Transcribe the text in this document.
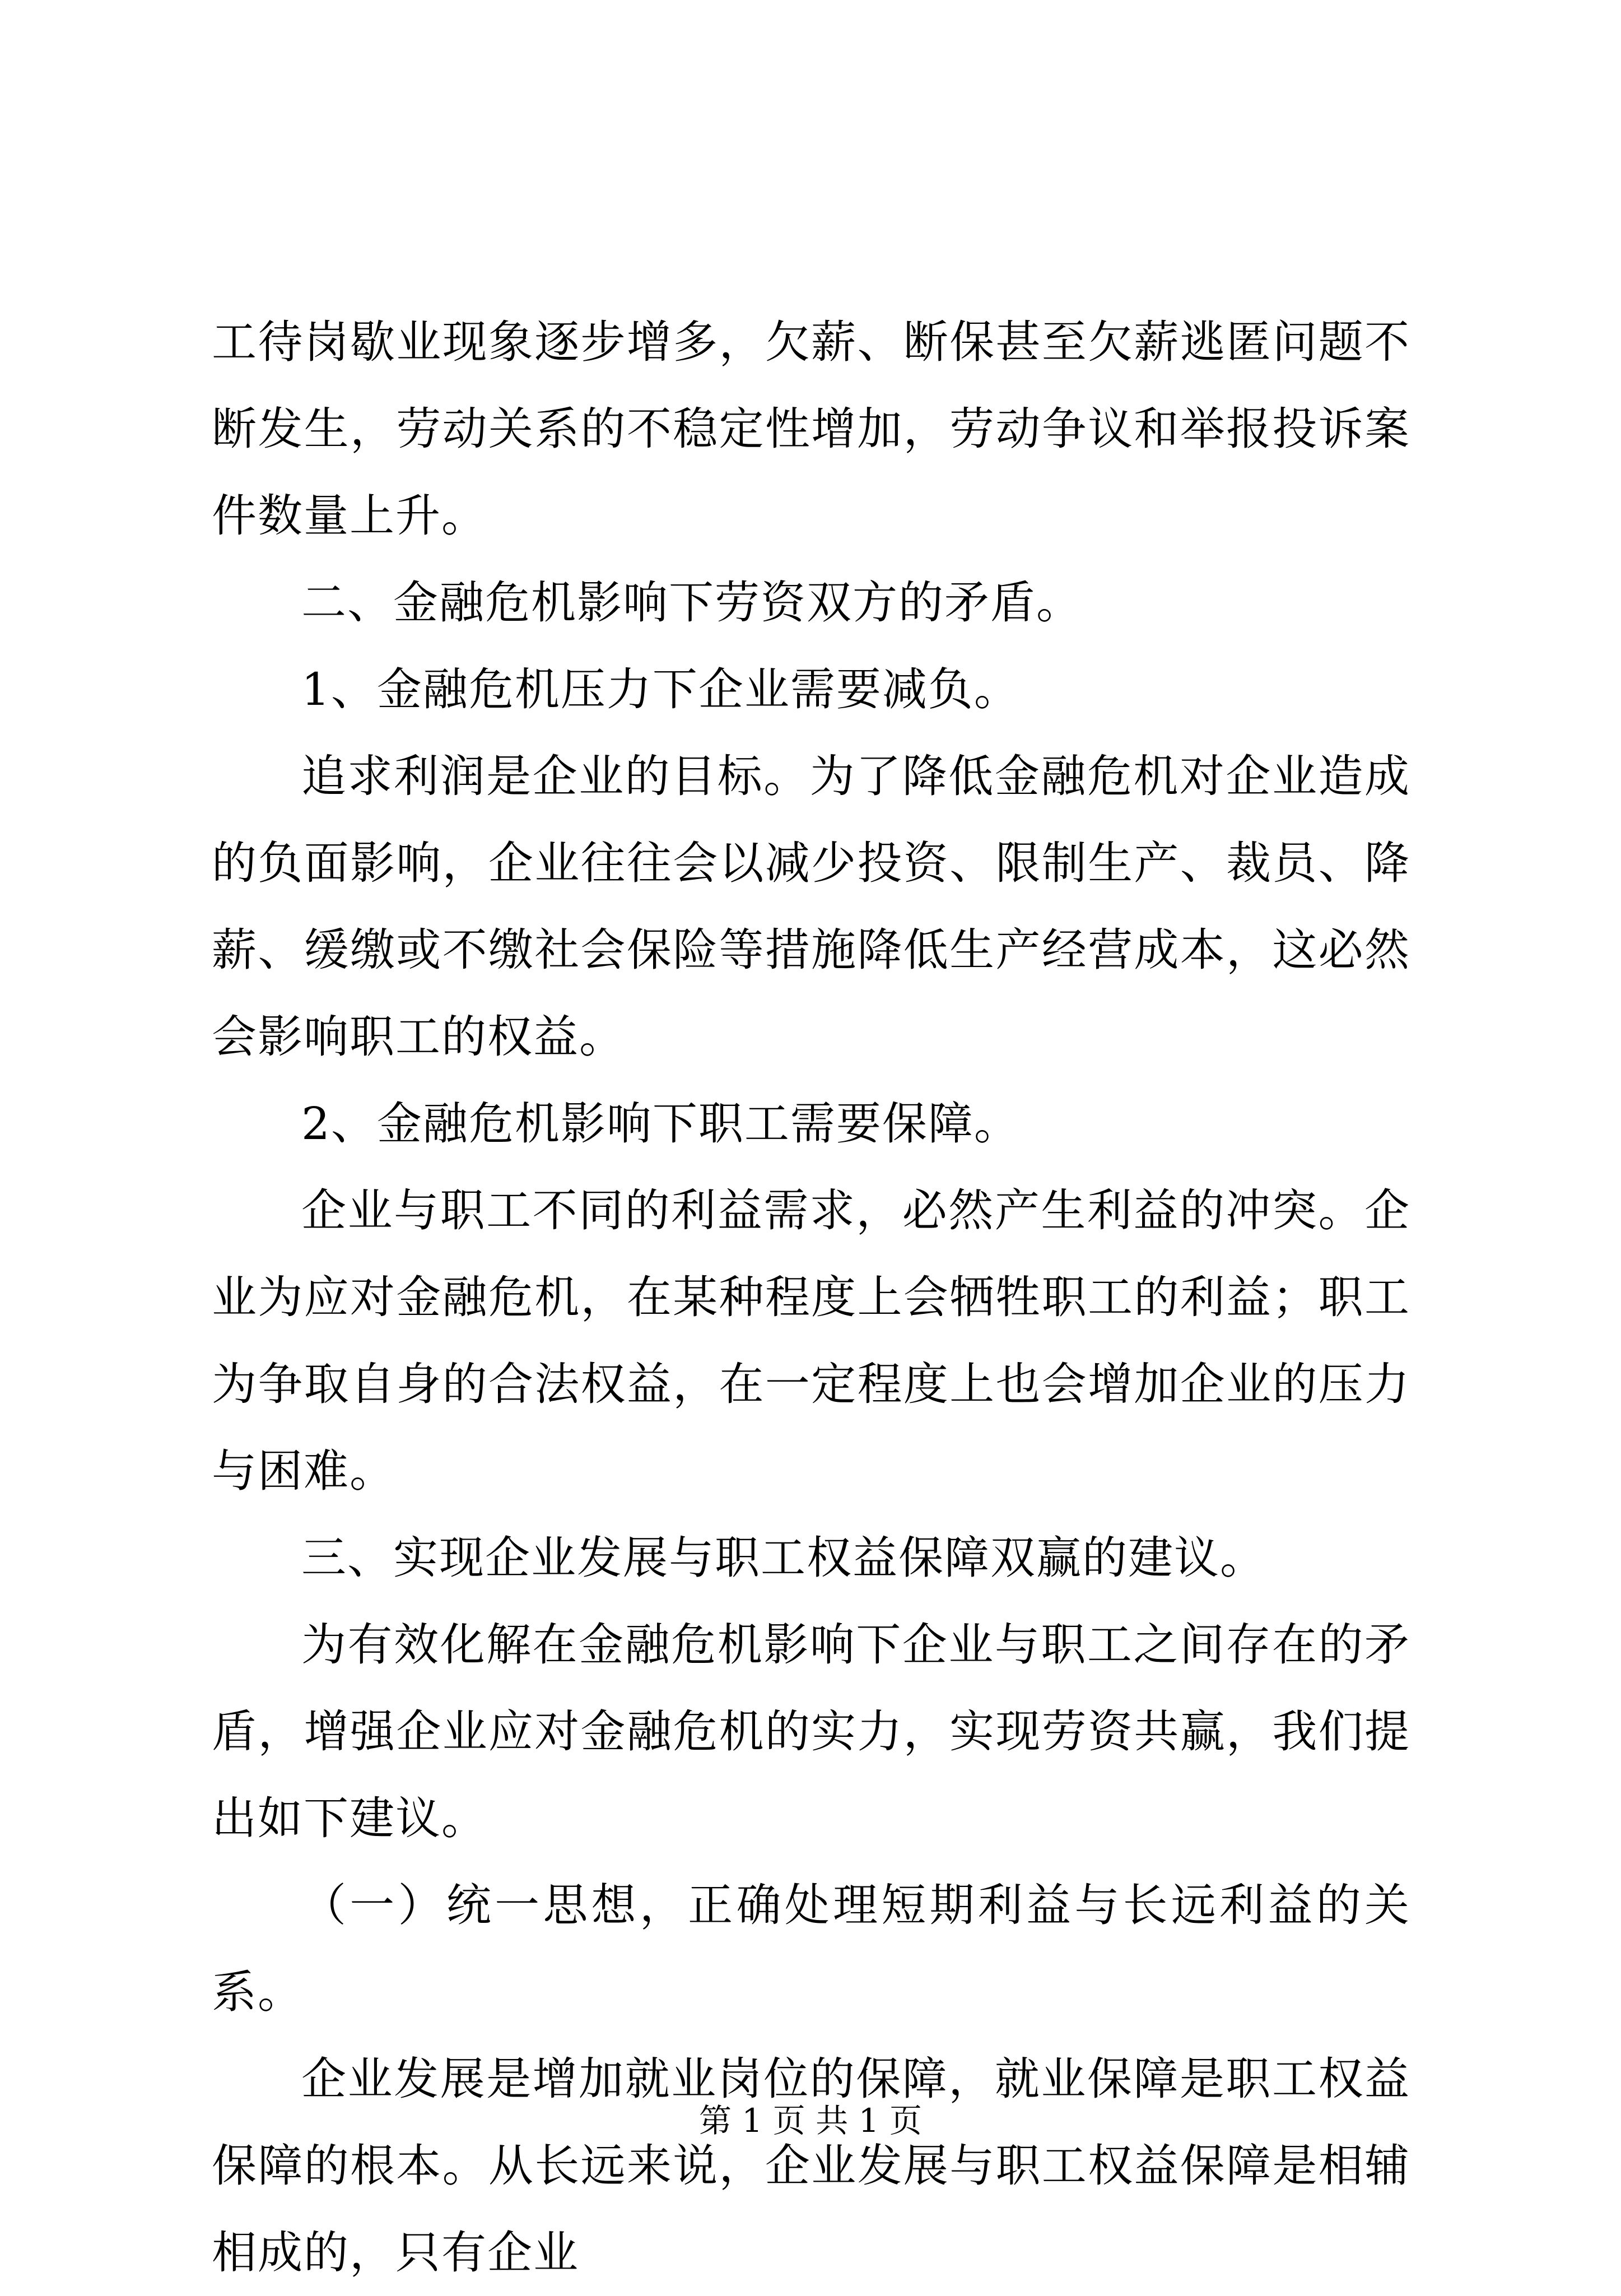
工待岗歇业现象逐步增多，欠薪、断保甚至欠薪逃匿问题不断发生，劳动关系的不稳定性增加，劳动争议和举报投诉案件数量上升。

二、金融危机影响下劳资双方的矛盾。

1、金融危机压力下企业需要减负。

追求利润是企业的目标。为了降低金融危机对企业造成的负面影响，企业往往会以减少投资、限制生产、裁员、降薪、缓缴或不缴社会保险等措施降低生产经营成本，这必然会影响职工的权益。

2、金融危机影响下职工需要保障。

企业与职工不同的利益需求，必然产生利益的冲突。企业为应对金融危机，在某种程度上会牺牲职工的利益；职工为争取自身的合法权益，在一定程度上也会增加企业的压力与困难。

三、实现企业发展与职工权益保障双赢的建议。

为有效化解在金融危机影响下企业与职工之间存在的矛盾，增强企业应对金融危机的实力，实现劳资共赢，我们提出如下建议。

（一）统一思想，正确处理短期利益与长远利益的关系。

企业发展是增加就业岗位的保障，就业保障是职工权益保障的根本。从长远来说，企业发展与职工权益保障是相辅相成的，只有企业

第 1 页 共 1 页
